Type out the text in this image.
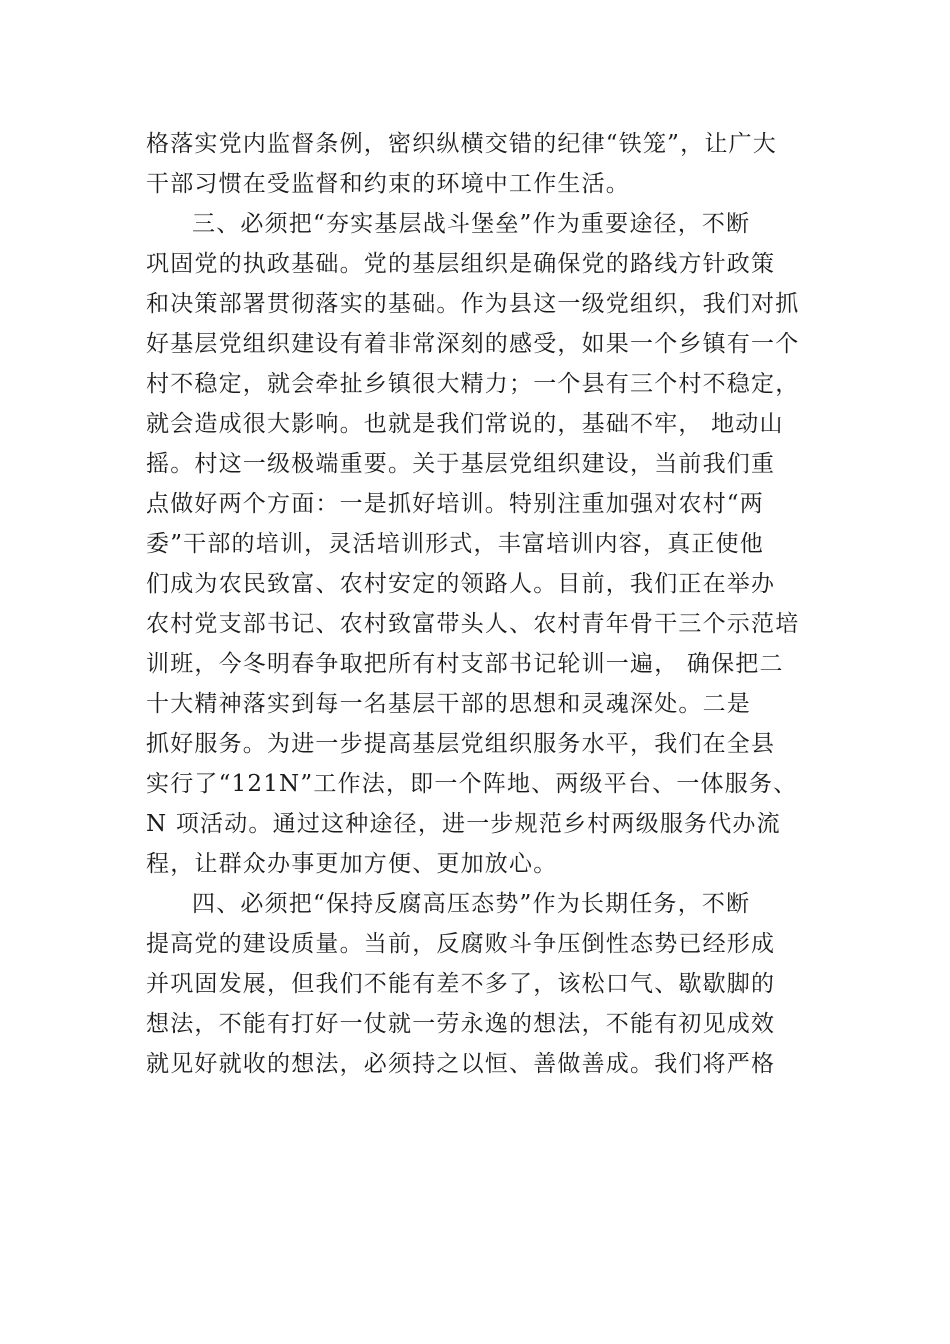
格落实党内监督条例，密织纵横交错的纪律“铁笼”，让广大
干部习惯在受监督和约束的环境中工作生活。
三、必须把“夯实基层战斗堡垒”作为重要途径，不断
巩固党的执政基础。党的基层组织是确保党的路线方针政策
和决策部署贯彻落实的基础。作为县这一级党组织，我们对抓
好基层党组织建设有着非常深刻的感受，如果一个乡镇有一个
村不稳定，就会牵扯乡镇很大精力；一个县有三个村不稳定，
就会造成很大影响。也就是我们常说的，基础不牢， 地动山
摇。村这一级极端重要。关于基层党组织建设，当前我们重
点做好两个方面：一是抓好培训。特别注重加强对农村“两
委”干部的培训，灵活培训形式，丰富培训内容，真正使他
们成为农民致富、农村安定的领路人。目前，我们正在举办
农村党支部书记、农村致富带头人、农村青年骨干三个示范培
训班，今冬明春争取把所有村支部书记轮训一遍， 确保把二
十大精神落实到每一名基层干部的思想和灵魂深处。二是
抓好服务。为进一步提高基层党组织服务水平，我们在全县
实行了“121N”工作法，即一个阵地、两级平台、一体服务、
N 项活动。通过这种途径，进一步规范乡村两级服务代办流
程，让群众办事更加方便、更加放心。
四、必须把“保持反腐高压态势”作为长期任务，不断
提高党的建设质量。当前，反腐败斗争压倒性态势已经形成
并巩固发展，但我们不能有差不多了，该松口气、歇歇脚的
想法，不能有打好一仗就一劳永逸的想法，不能有初见成效
就见好就收的想法，必须持之以恒、善做善成。我们将严格
